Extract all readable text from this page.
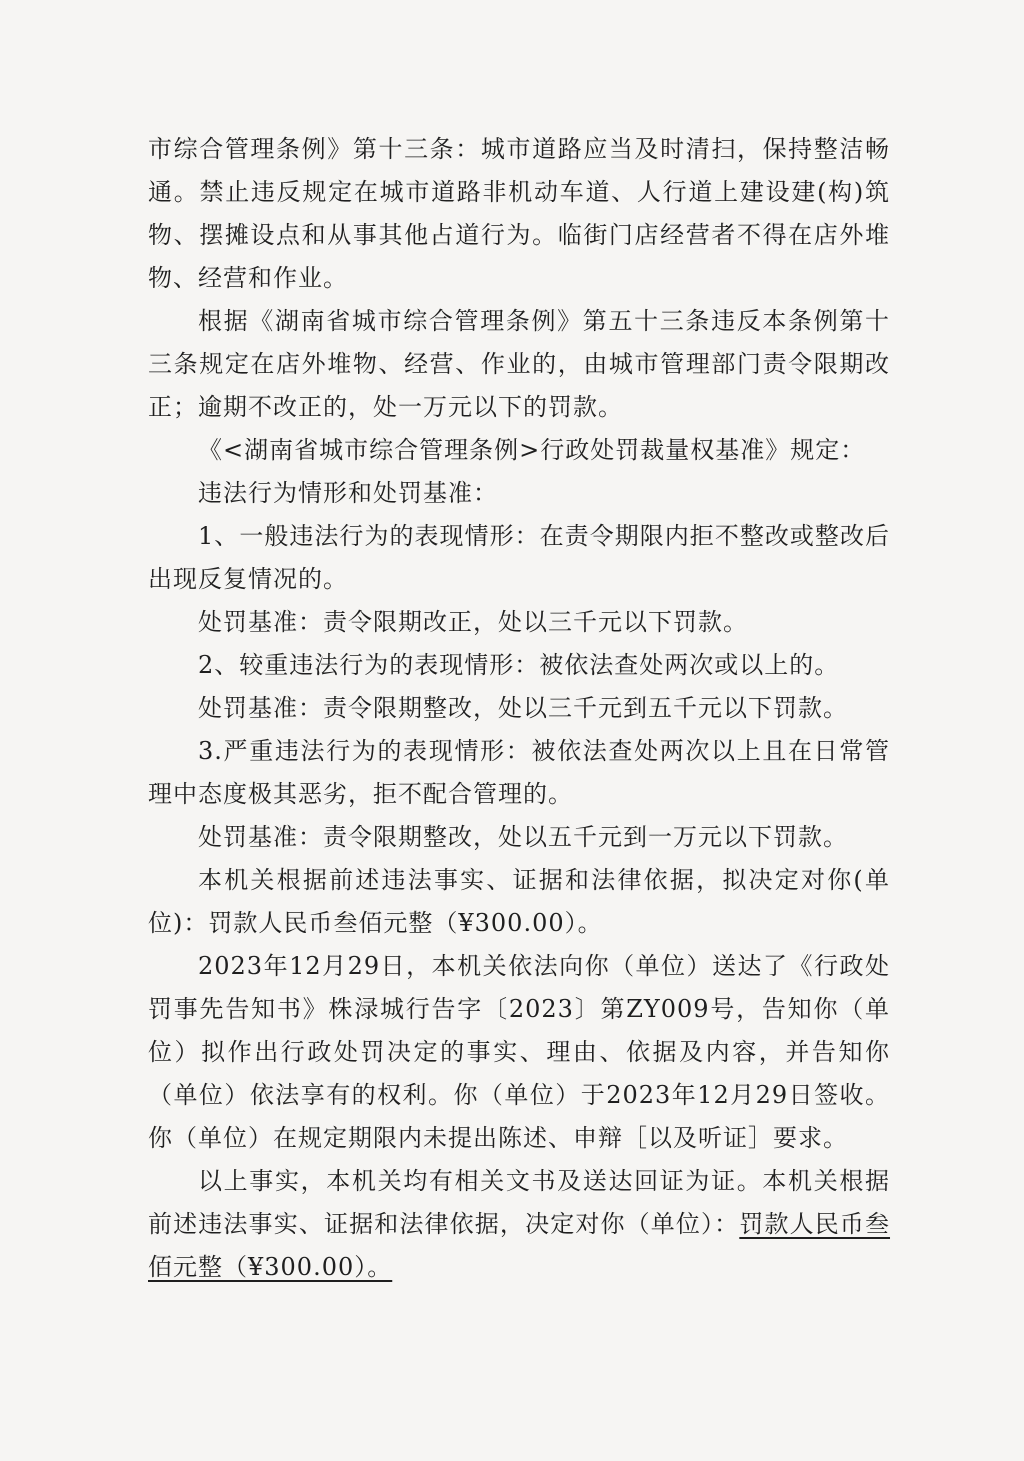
市综合管理条例》第十三条：城市道路应当及时清扫，保持整洁畅通。禁止违反规定在城市道路非机动车道、人行道上建设建(构)筑物、摆摊设点和从事其他占道行为。临街门店经营者不得在店外堆物、经营和作业。

根据《湖南省城市综合管理条例》第五十三条违反本条例第十三条规定在店外堆物、经营、作业的，由城市管理部门责令限期改正；逾期不改正的，处一万元以下的罚款。

《<湖南省城市综合管理条例>行政处罚裁量权基准》规定：

违法行为情形和处罚基准：

1、一般违法行为的表现情形：在责令期限内拒不整改或整改后出现反复情况的。

处罚基准：责令限期改正，处以三千元以下罚款。

2、较重违法行为的表现情形：被依法查处两次或以上的。

处罚基准：责令限期整改，处以三千元到五千元以下罚款。

3.严重违法行为的表现情形：被依法查处两次以上且在日常管理中态度极其恶劣，拒不配合管理的。

处罚基准：责令限期整改，处以五千元到一万元以下罚款。

本机关根据前述违法事实、证据和法律依据，拟决定对你(单位)：罚款人民币叁佰元整（¥300.00）。

2023年12月29日，本机关依法向你（单位）送达了《行政处罚事先告知书》株渌城行告字〔2023〕第ZY009号，告知你（单位）拟作出行政处罚决定的事实、理由、依据及内容，并告知你（单位）依法享有的权利。你（单位）于2023年12月29日签收。你（单位）在规定期限内未提出陈述、申辩［以及听证］要求。

以上事实，本机关均有相关文书及送达回证为证。本机关根据前述违法事实、证据和法律依据，决定对你（单位）：罚款人民币叁佰元整（¥300.00）。
